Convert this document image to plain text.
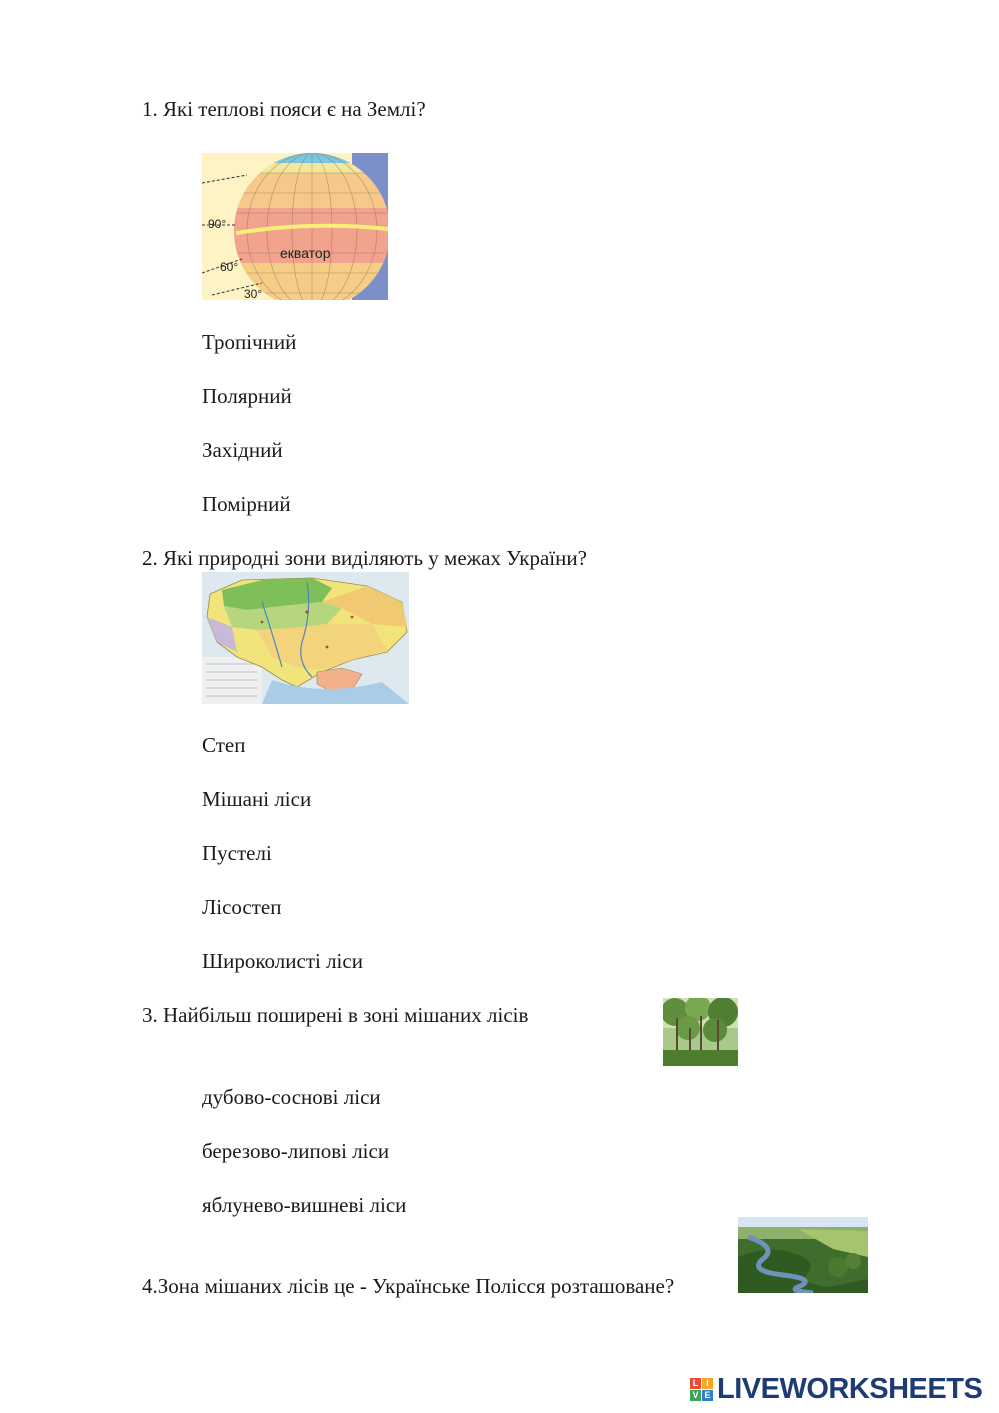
1. Які теплові пояси є на Землі?
екватор
90°
60°
30°
Тропічний
Полярний
Західний
Помірний
2. Які природні зони виділяють у межах України?
Степ
Мішані ліси
Пустелі
Лісостеп
Широколисті ліси
3. Найбільш поширені в зоні мішаних лісів
дубово-соснові ліси
березово-липові ліси
яблунево-вишневі ліси
4.Зона мішаних лісів це - Українське Полісся розташоване?
L I
V E LIVEWORKSHEETS
